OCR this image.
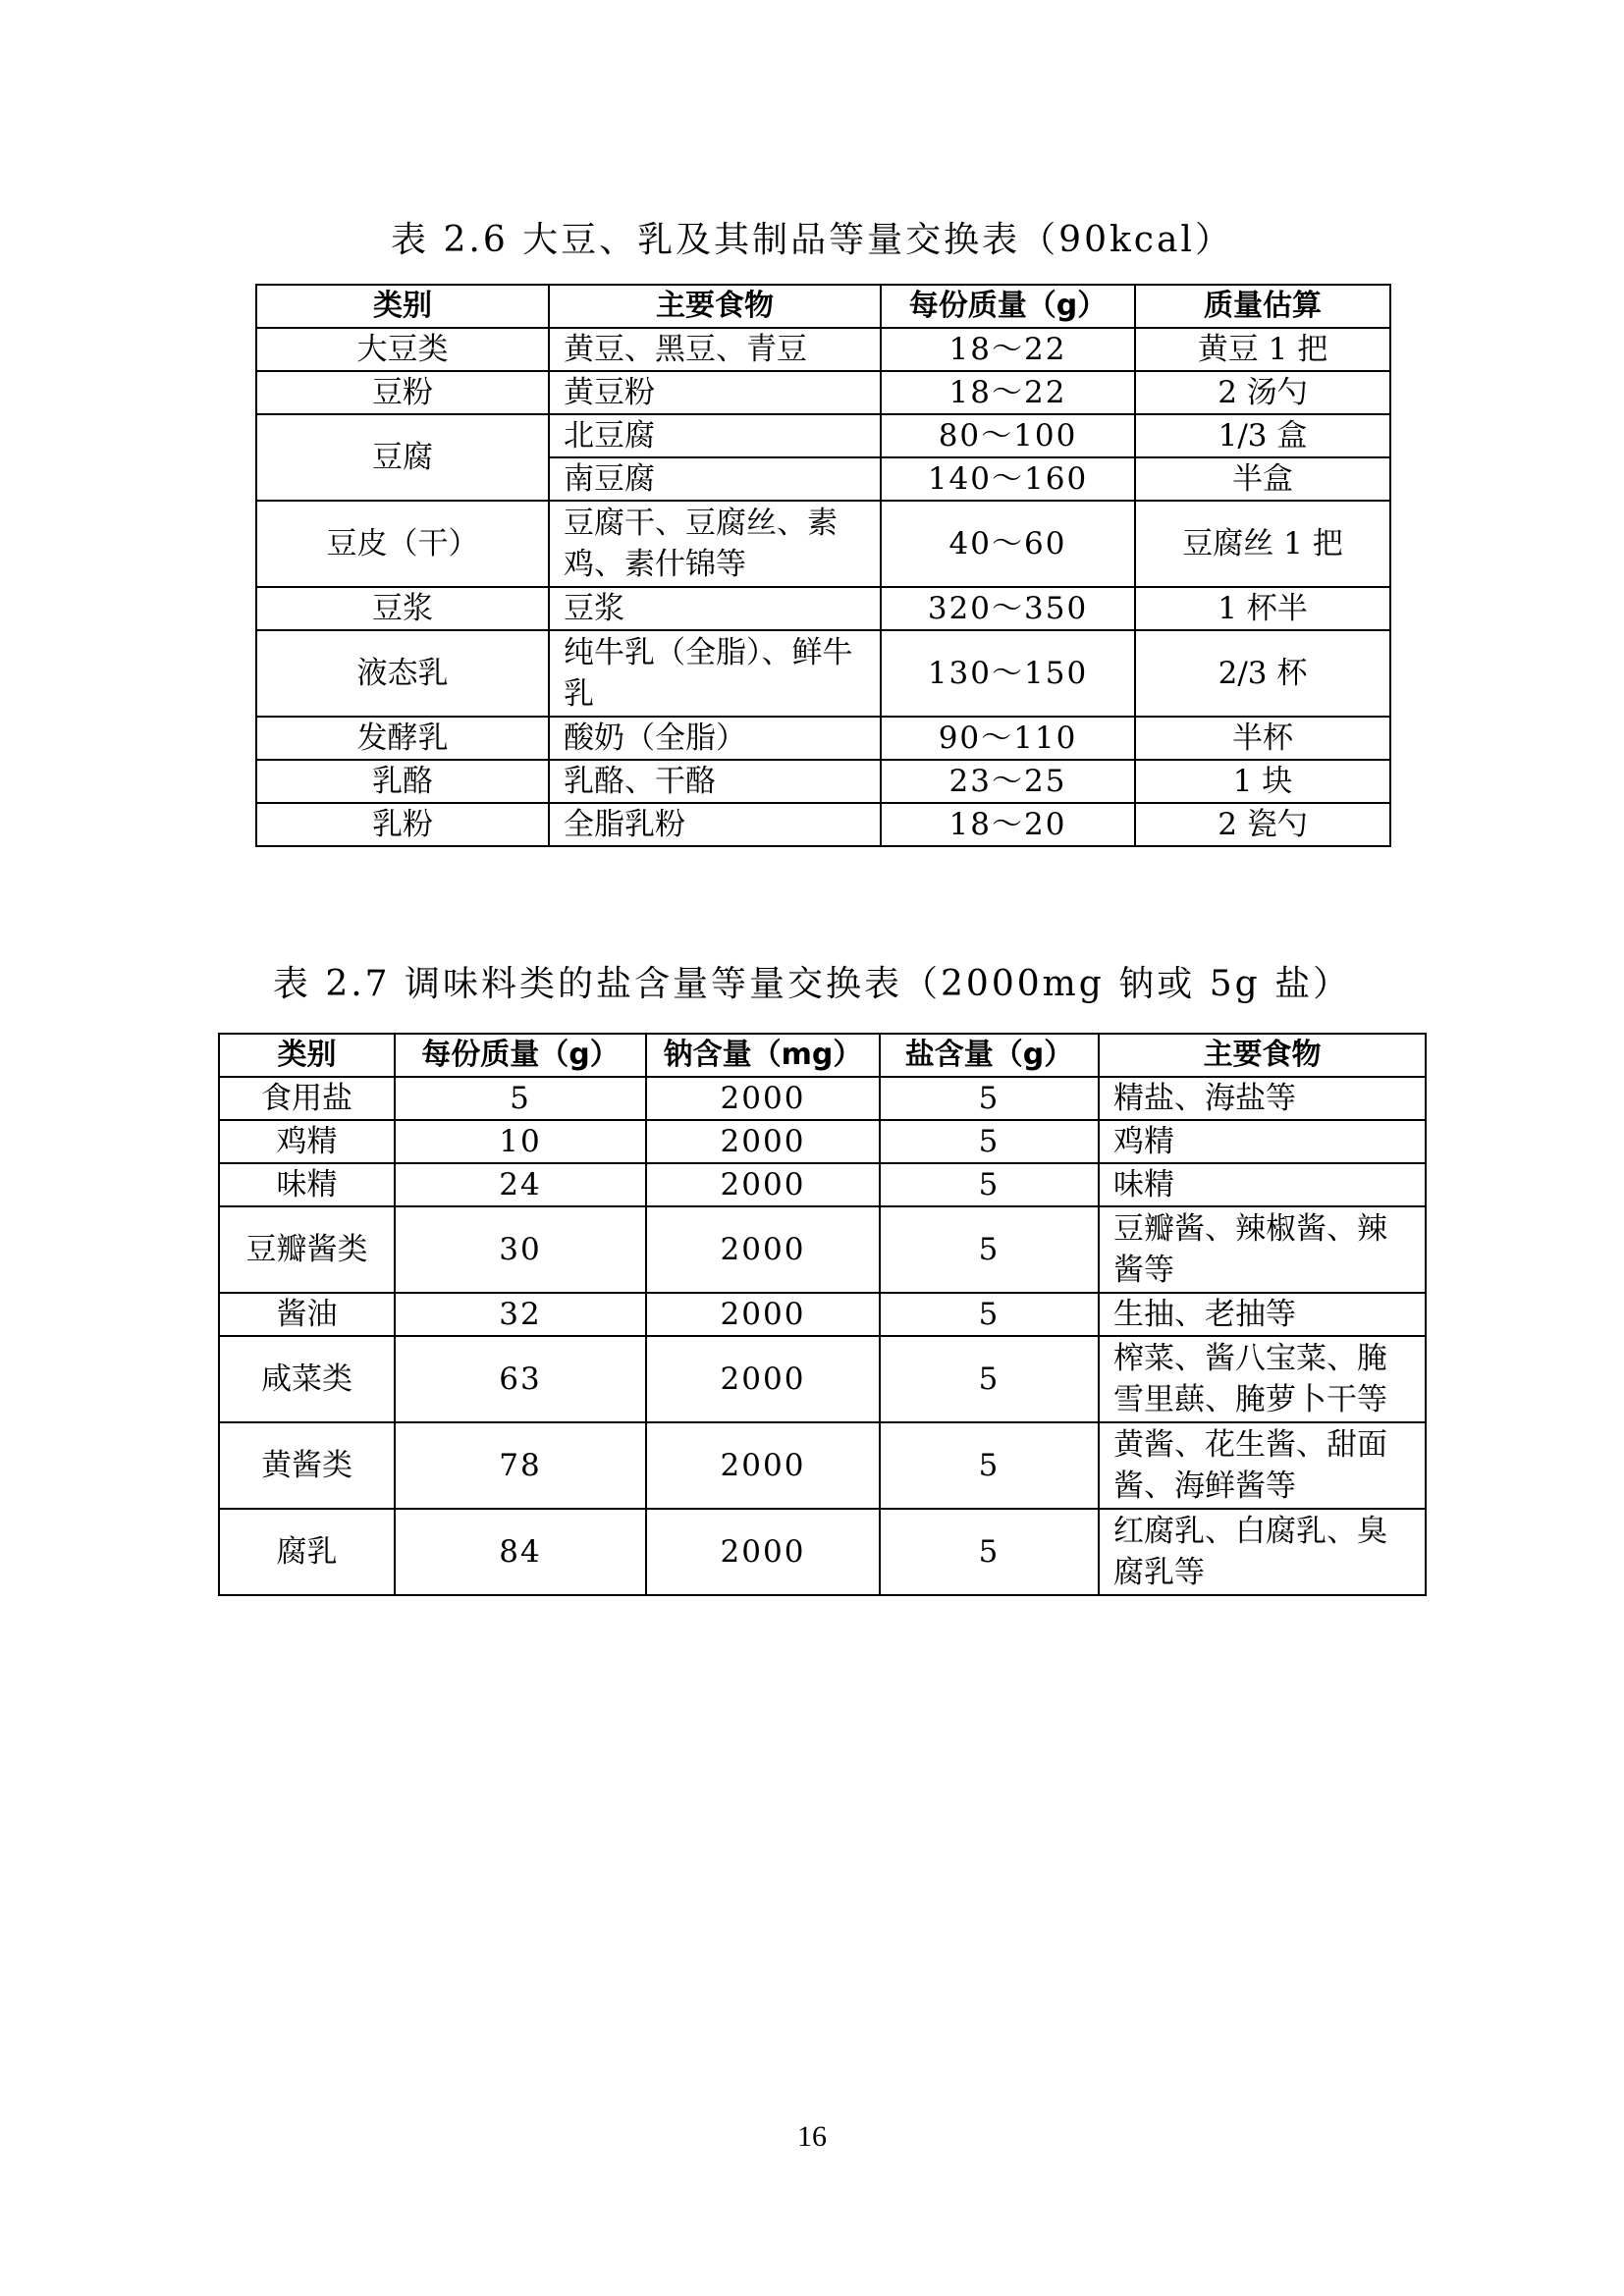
表 2.6 大豆、乳及其制品等量交换表（90kcal）
类别	主要食物	每份质量（g）	质量估算
大豆类	黄豆、黑豆、青豆	18～22	黄豆 1 把
豆粉	黄豆粉	18～22	2 汤勺
豆腐	北豆腐	80～100	1/3 盒
	南豆腐	140～160	半盒
豆皮（干）	豆腐干、豆腐丝、素鸡、素什锦等	40～60	豆腐丝 1 把
豆浆	豆浆	320～350	1 杯半
液态乳	纯牛乳（全脂）、鲜牛乳	130～150	2/3 杯
发酵乳	酸奶（全脂）	90～110	半杯
乳酪	乳酪、干酪	23～25	1 块
乳粉	全脂乳粉	18～20	2 瓷勺
表 2.7 调味料类的盐含量等量交换表（2000mg 钠或 5g 盐）
类别	每份质量（g）	钠含量（mg）	盐含量（g）	主要食物
食用盐	5	2000	5	精盐、海盐等
鸡精	10	2000	5	鸡精
味精	24	2000	5	味精
豆瓣酱类	30	2000	5	豆瓣酱、辣椒酱、辣酱等
酱油	32	2000	5	生抽、老抽等
咸菜类	63	2000	5	榨菜、酱八宝菜、腌雪里蕻、腌萝卜干等
黄酱类	78	2000	5	黄酱、花生酱、甜面酱、海鲜酱等
腐乳	84	2000	5	红腐乳、白腐乳、臭腐乳等
16
